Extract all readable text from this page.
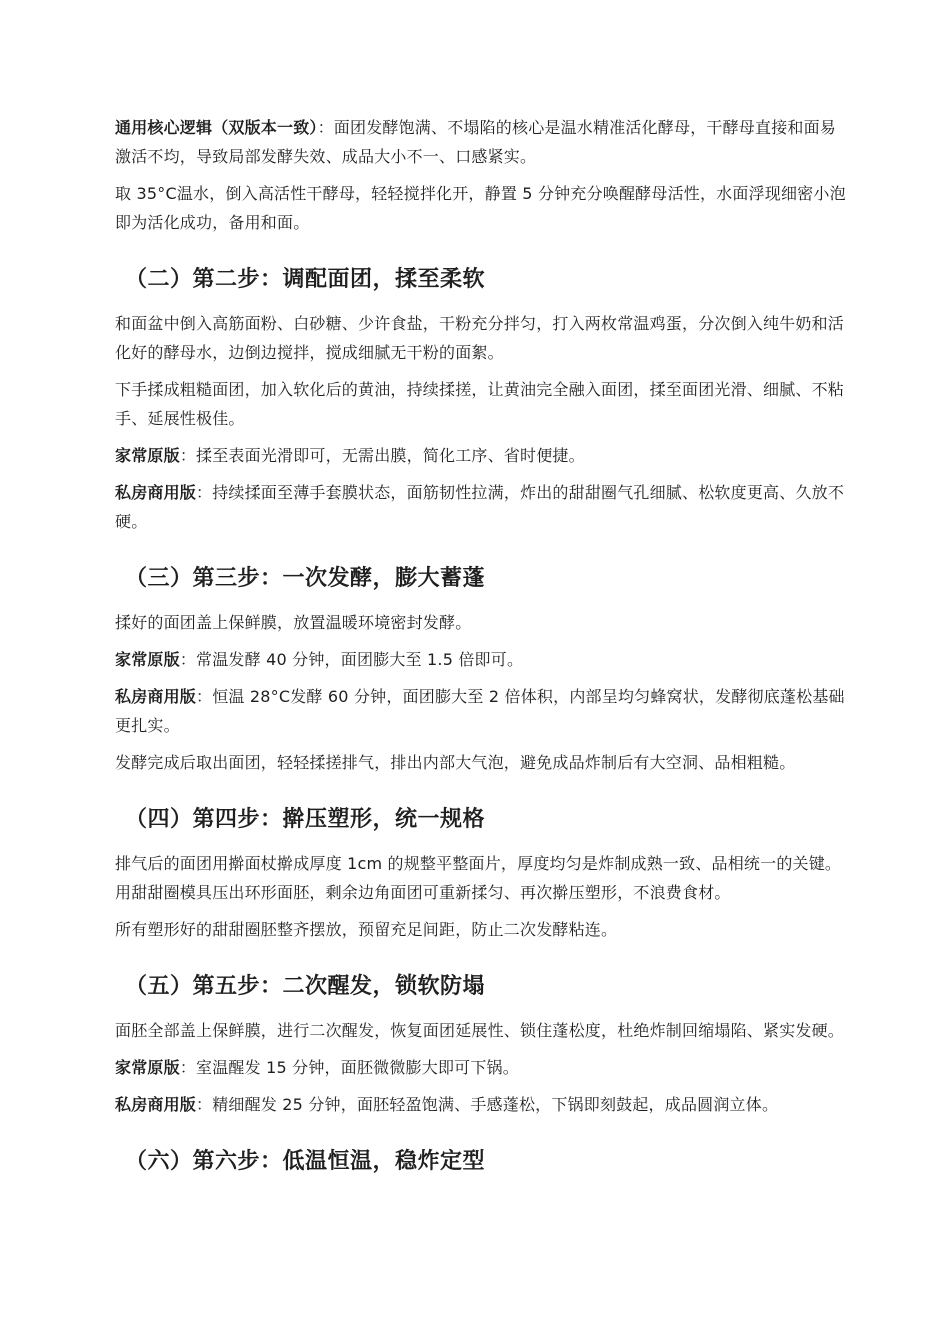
通用核心逻辑（双版本一致）：面团发酵饱满、不塌陷的核心是温水精准活化酵母，干酵母直接和面易激活不均，导致局部发酵失效、成品大小不一、口感紧实。

取 35°C温水，倒入高活性干酵母，轻轻搅拌化开，静置 5 分钟充分唤醒酵母活性，水面浮现细密小泡即为活化成功，备用和面。

（二）第二步：调配面团，揉至柔软

和面盆中倒入高筋面粉、白砂糖、少许食盐，干粉充分拌匀，打入两枚常温鸡蛋，分次倒入纯牛奶和活化好的酵母水，边倒边搅拌，搅成细腻无干粉的面絮。

下手揉成粗糙面团，加入软化后的黄油，持续揉搓，让黄油完全融入面团，揉至面团光滑、细腻、不粘手、延展性极佳。

家常原版：揉至表面光滑即可，无需出膜，简化工序、省时便捷。

私房商用版：持续揉面至薄手套膜状态，面筋韧性拉满，炸出的甜甜圈气孔细腻、松软度更高、久放不硬。

（三）第三步：一次发酵，膨大蓄蓬

揉好的面团盖上保鲜膜，放置温暖环境密封发酵。

家常原版：常温发酵 40 分钟，面团膨大至 1.5 倍即可。

私房商用版：恒温 28°C发酵 60 分钟，面团膨大至 2 倍体积，内部呈均匀蜂窝状，发酵彻底蓬松基础更扎实。

发酵完成后取出面团，轻轻揉搓排气，排出内部大气泡，避免成品炸制后有大空洞、品相粗糙。

（四）第四步：擀压塑形，统一规格

排气后的面团用擀面杖擀成厚度 1cm 的规整平整面片，厚度均匀是炸制成熟一致、品相统一的关键。用甜甜圈模具压出环形面胚，剩余边角面团可重新揉匀、再次擀压塑形，不浪费食材。

所有塑形好的甜甜圈胚整齐摆放，预留充足间距，防止二次发酵粘连。

（五）第五步：二次醒发，锁软防塌

面胚全部盖上保鲜膜，进行二次醒发，恢复面团延展性、锁住蓬松度，杜绝炸制回缩塌陷、紧实发硬。

家常原版：室温醒发 15 分钟，面胚微微膨大即可下锅。

私房商用版：精细醒发 25 分钟，面胚轻盈饱满、手感蓬松，下锅即刻鼓起，成品圆润立体。

（六）第六步：低温恒温，稳炸定型
